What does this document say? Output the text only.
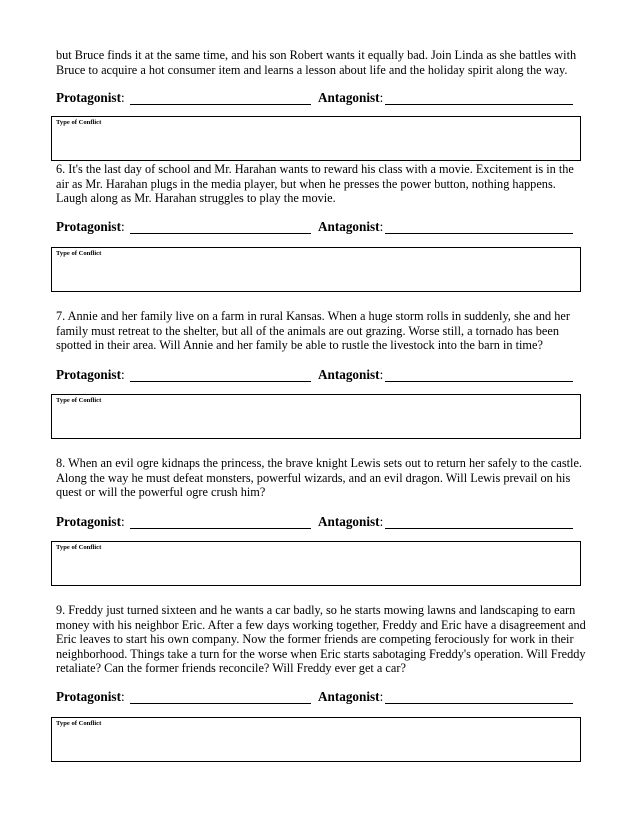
but Bruce finds it at the same time, and his son Robert wants it equally bad. Join Linda as she battles with Bruce to acquire a hot consumer item and learns a lesson about life and the holiday spirit along the way.

Protagonist:	Antagonist:
Type of Conflict

6. It's the last day of school and Mr. Harahan wants to reward his class with a movie. Excitement is in the air as Mr. Harahan plugs in the media player, but when he presses the power button, nothing happens. Laugh along as Mr. Harahan struggles to play the movie.

Protagonist:	Antagonist:
Type of Conflict

7. Annie and her family live on a farm in rural Kansas. When a huge storm rolls in suddenly, she and her family must retreat to the shelter, but all of the animals are out grazing. Worse still, a tornado has been spotted in their area. Will Annie and her family be able to rustle the livestock into the barn in time?

Protagonist:	Antagonist:
Type of Conflict

8. When an evil ogre kidnaps the princess, the brave knight Lewis sets out to return her safely to the castle. Along the way he must defeat monsters, powerful wizards, and an evil dragon. Will Lewis prevail on his quest or will the powerful ogre crush him?

Protagonist:	Antagonist:
Type of Conflict

9. Freddy just turned sixteen and he wants a car badly, so he starts mowing lawns and landscaping to earn money with his neighbor Eric. After a few days working together, Freddy and Eric have a disagreement and Eric leaves to start his own company. Now the former friends are competing ferociously for work in their neighborhood. Things take a turn for the worse when Eric starts sabotaging Freddy's operation. Will Freddy retaliate? Can the former friends reconcile? Will Freddy ever get a car?

Protagonist:	Antagonist:
Type of Conflict
